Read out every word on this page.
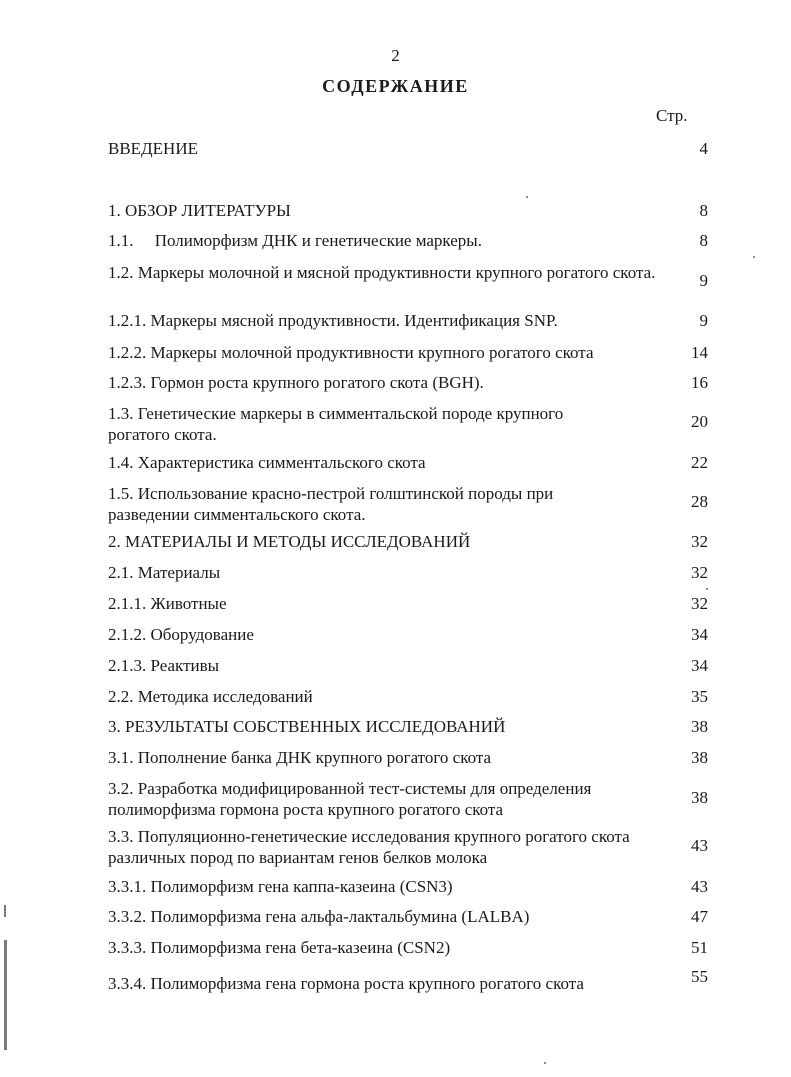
2
СОДЕРЖАНИЕ
Стр.
ВВЕДЕНИЕ	4
1. ОБЗОР ЛИТЕРАТУРЫ	8
1.1.     Полиморфизм ДНК и генетические маркеры.	8
1.2. Маркеры молочной и мясной продуктивности крупного рогатого скота.	9
1.2.1. Маркеры мясной продуктивности. Идентификация SNP.	9
1.2.2. Маркеры молочной продуктивности крупного рогатого скота	14
1.2.3. Гормон роста крупного рогатого скота (BGH).	16
1.3. Генетические маркеры в симментальской породе крупного рогатого скота.
20
1.4. Характеристика симментальского скота	22
1.5. Использование красно-пестрой голштинской породы при разведении симментальского скота.
28
2. МАТЕРИАЛЫ И МЕТОДЫ ИССЛЕДОВАНИЙ	32
2.1. Материалы	32
2.1.1. Животные	32
2.1.2. Оборудование	34
2.1.3. Реактивы	34
2.2. Методика исследований	35
3. РЕЗУЛЬТАТЫ СОБСТВЕННЫХ ИССЛЕДОВАНИЙ	38
3.1. Пополнение банка ДНК крупного рогатого скота	38
3.2. Разработка модифицированной тест-системы для определения полиморфизма гормона роста крупного рогатого скота
38
3.3. Популяционно-генетические исследования крупного рогатого скота различных пород по вариантам генов белков молока
43
3.3.1. Полиморфизм гена каппа-казеина (CSN3)	43
3.3.2. Полиморфизма гена альфа-лактальбумина (LALBA)	47
3.3.3. Полиморфизма гена бета-казеина (CSN2)	51
3.3.4. Полиморфизма гена гормона роста крупного рогатого скота	55
